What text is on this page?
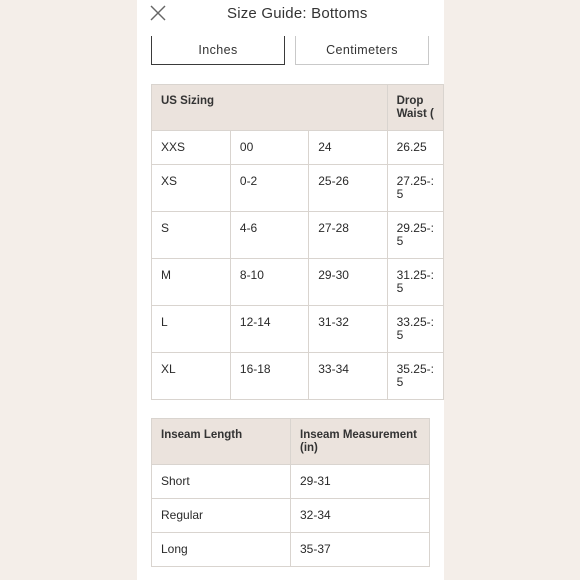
Size Guide: Bottoms
Inches	Centimeters
US Sizing			Drop
Waist (
XXS	00	24	26.25
XS	0-2	25-26	27.25-:
5
S	4-6	27-28	29.25-:
5
M	8-10	29-30	31.25-:
5
L	12-14	31-32	33.25-:
5
XL	16-18	33-34	35.25-:
5
Inseam Length	Inseam Measurement
(in)
Short	29-31
Regular	32-34
Long	35-37
